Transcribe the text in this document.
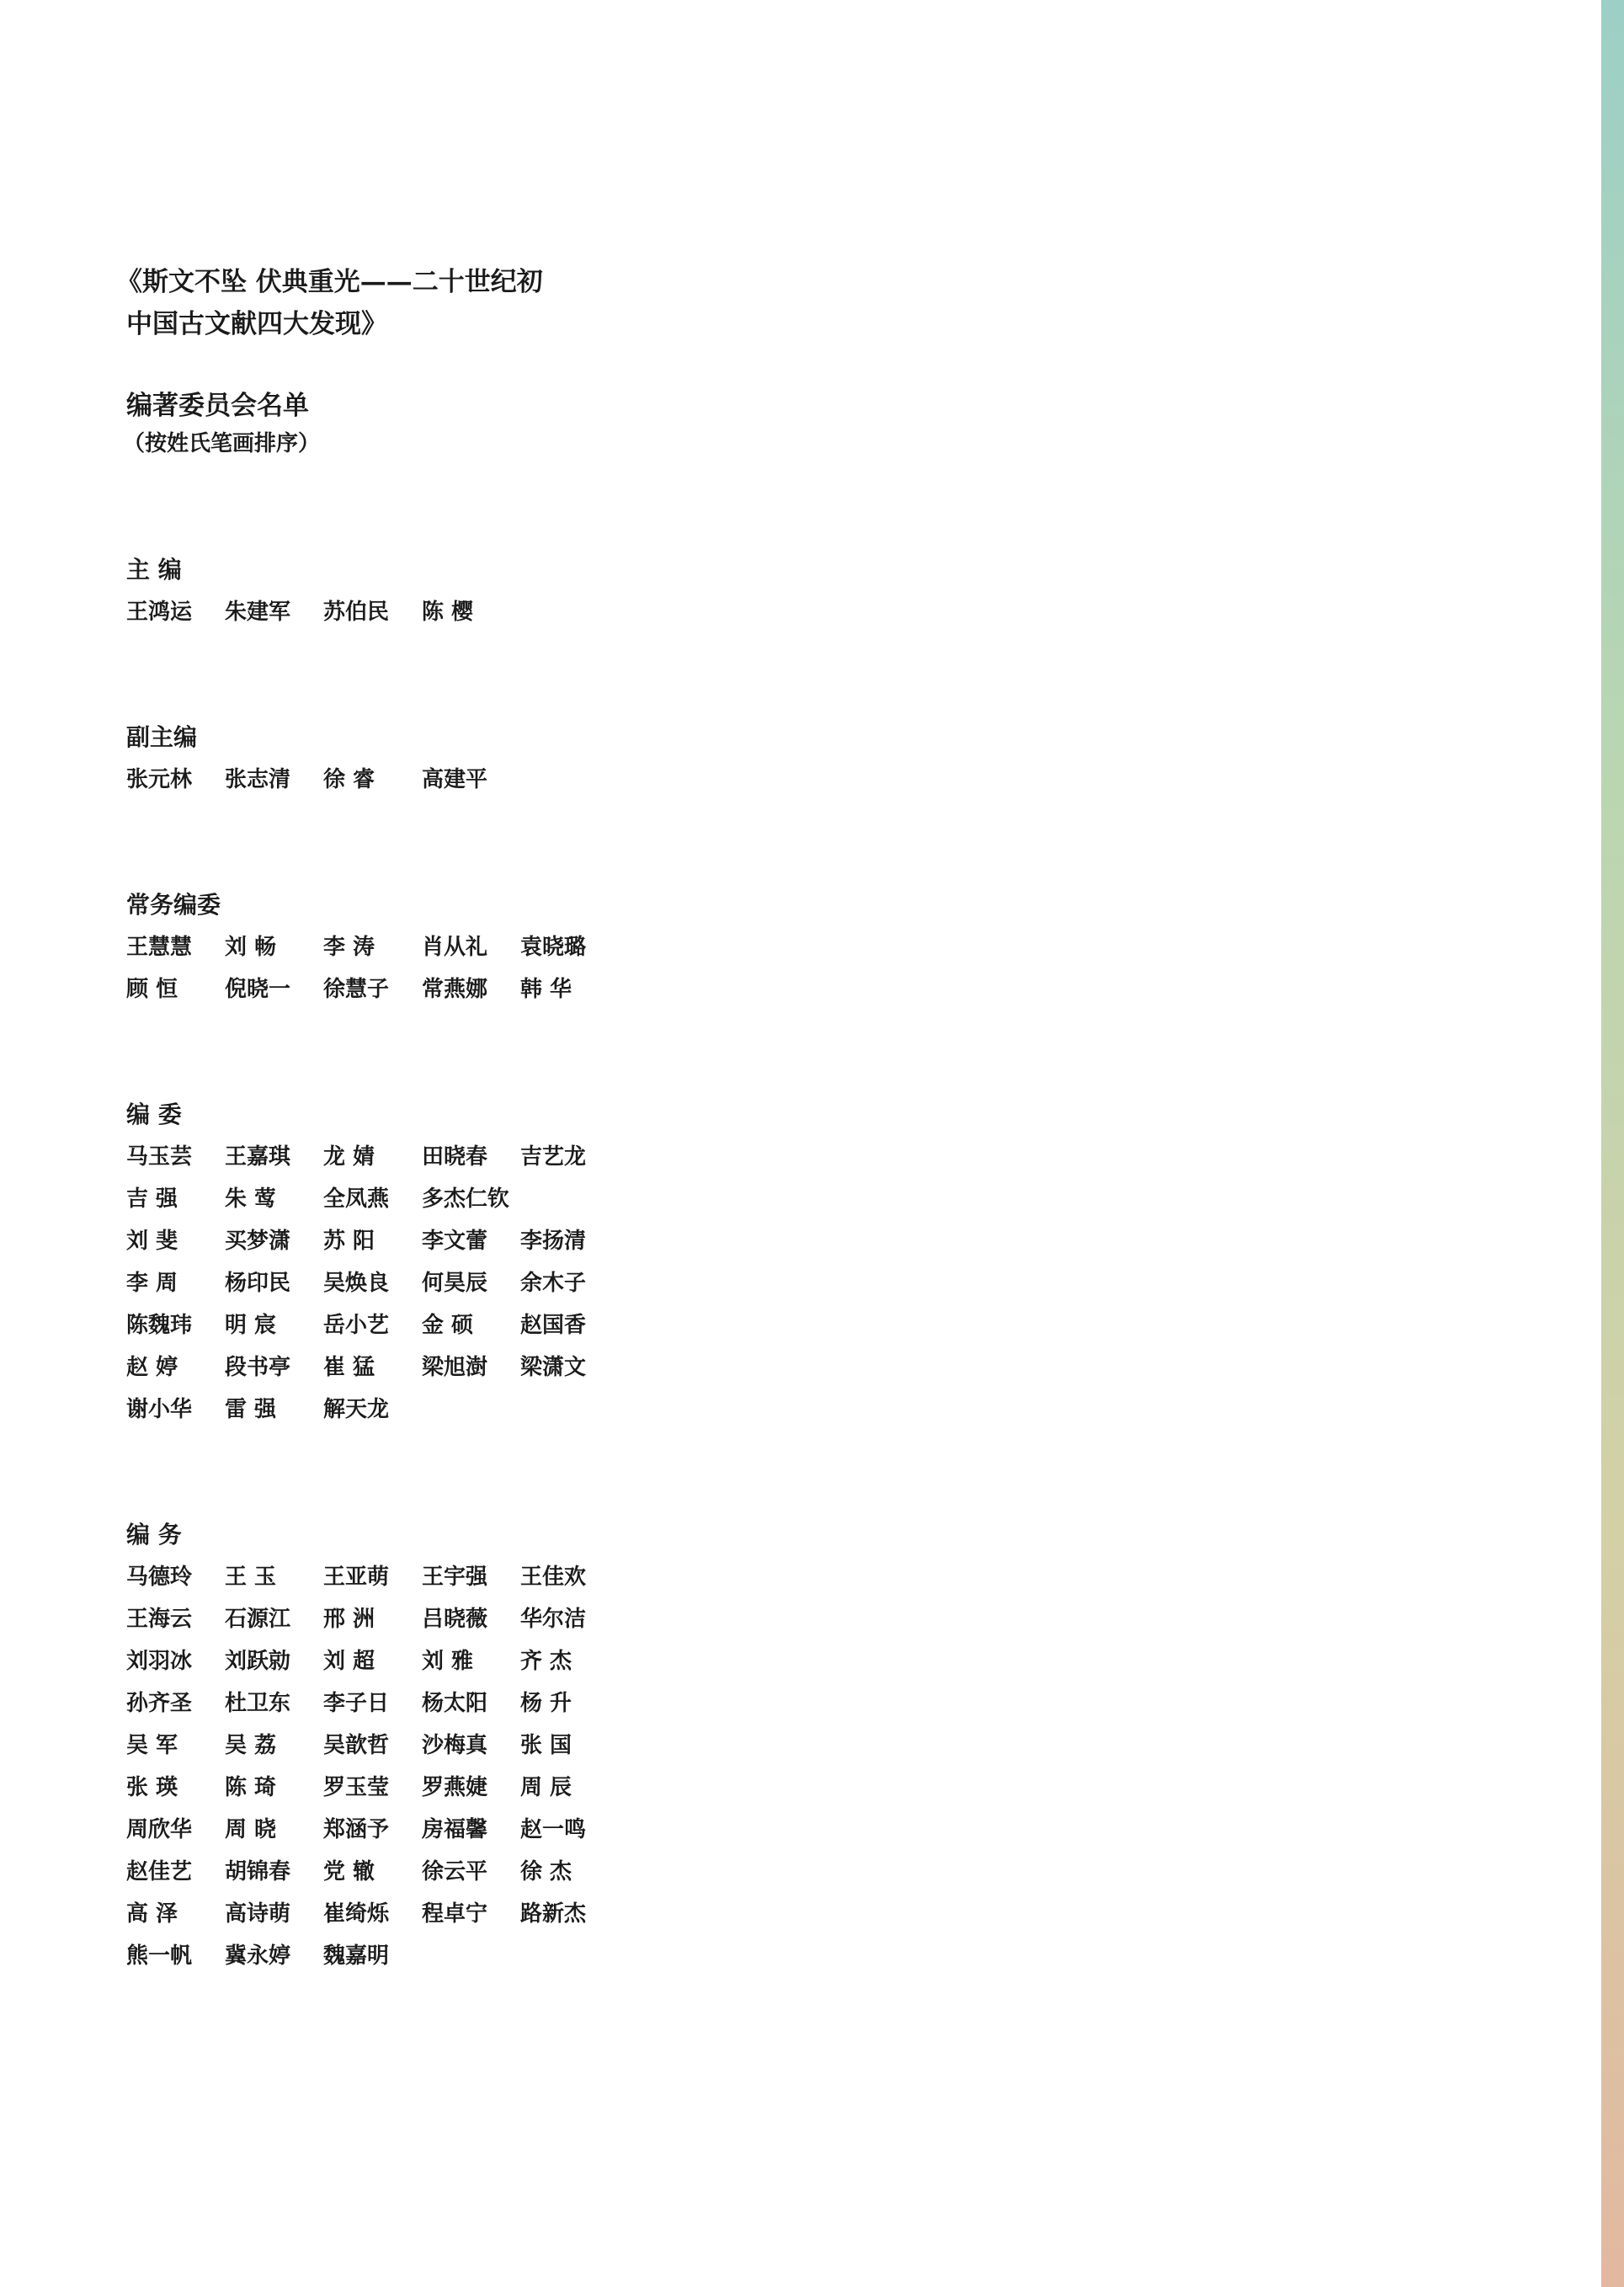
《斯文不坠 伏典重光——二十世纪初
中国古文献四大发现》
编著委员会名单
（按姓氏笔画排序）
主 编
王鸿运	朱建军	苏伯民	陈 樱
副主编
张元林	张志清	徐 睿	高建平
常务编委
王慧慧	刘 畅	李 涛	肖从礼	袁晓璐
顾 恒	倪晓一	徐慧子	常燕娜	韩 华
编 委
马玉芸	王嘉琪	龙 婧	田晓春	吉艺龙
吉 强	朱 莺	全凤燕	多杰仁钦
刘 斐	买梦潇	苏 阳	李文蕾	李扬清
李 周	杨印民	吴焕良	何昊辰	余木子
陈魏玮	明 宸	岳小艺	金 硕	赵国香
赵 婷	段书亭	崔 猛	梁旭澍	梁潇文
谢小华	雷 强	解天龙
编 务
马德玲	王 玉	王亚萌	王宇强	王佳欢
王海云	石源江	邢 洲	吕晓薇	华尔洁
刘羽冰	刘跃勍	刘 超	刘 雅	齐 杰
孙齐圣	杜卫东	李子日	杨太阳	杨 升
吴 军	吴 荔	吴歆哲	沙梅真	张 国
张 瑛	陈 琦	罗玉莹	罗燕婕	周 辰
周欣华	周 晓	郑涵予	房福馨	赵一鸣
赵佳艺	胡锦春	党 辙	徐云平	徐 杰
高 泽	高诗萌	崔绮烁	程卓宁	路新杰
熊一帆	冀永婷	魏嘉明
